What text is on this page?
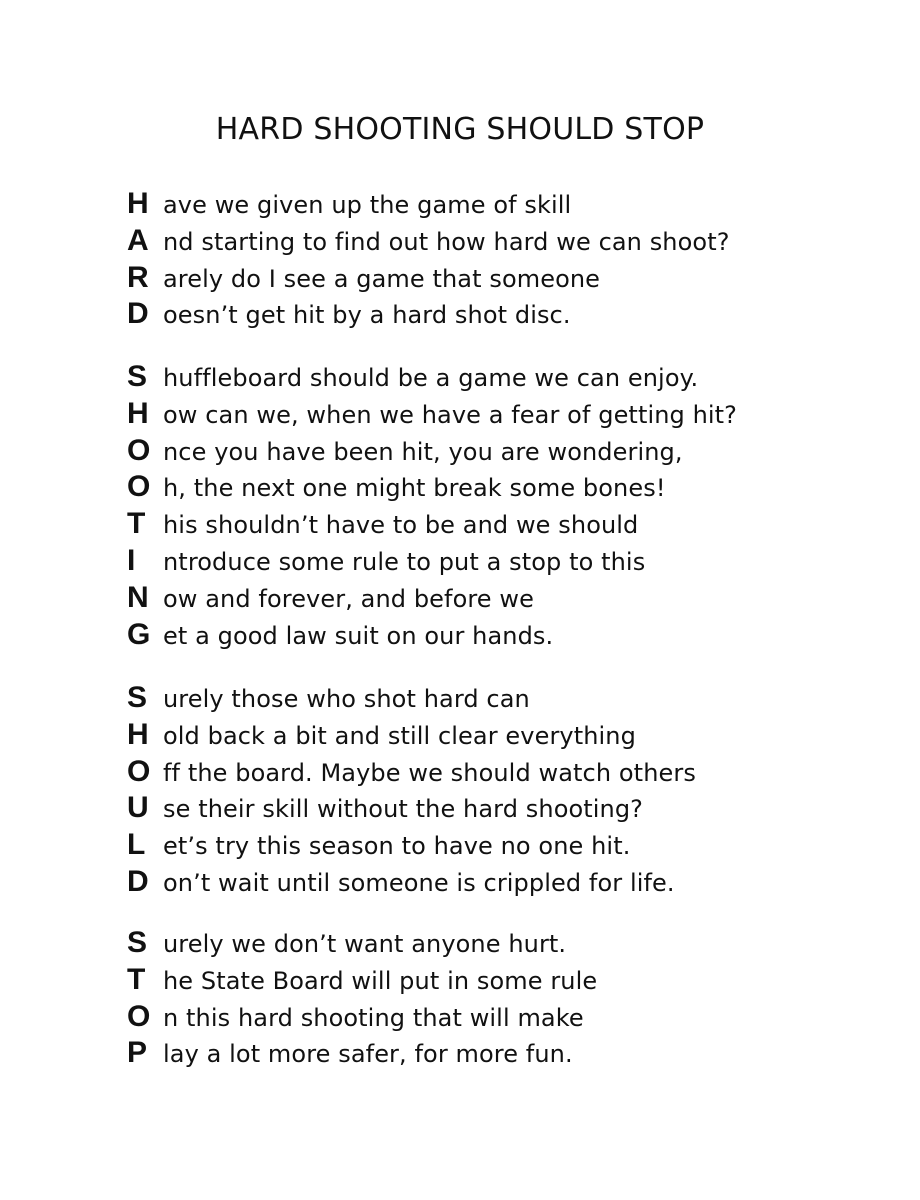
HARD SHOOTING SHOULD STOP
H ave we given up the game of skill
A nd starting to find out how hard we can shoot?
R arely do I see a game that someone
D oesn’t get hit by a hard shot disc.
S huffleboard should be a game we can enjoy.
H ow can we, when we have a fear of getting hit?
O nce you have been hit, you are wondering,
O h, the next one might break some bones!
T his shouldn’t have to be and we should
I	ntroduce some rule to put a stop to this
N ow and forever, and before we
G et a good law suit on our hands.
S urely those who shot hard can
H old back a bit and still clear everything
O ff the board. Maybe we should watch others
U se their skill without the hard shooting?
L et’s try this season to have no one hit.
D on’t wait until someone is crippled for life.
S urely we don’t want anyone hurt.
T he State Board will put in some rule
O n this hard shooting that will make
P lay a lot more safer, for more fun.
